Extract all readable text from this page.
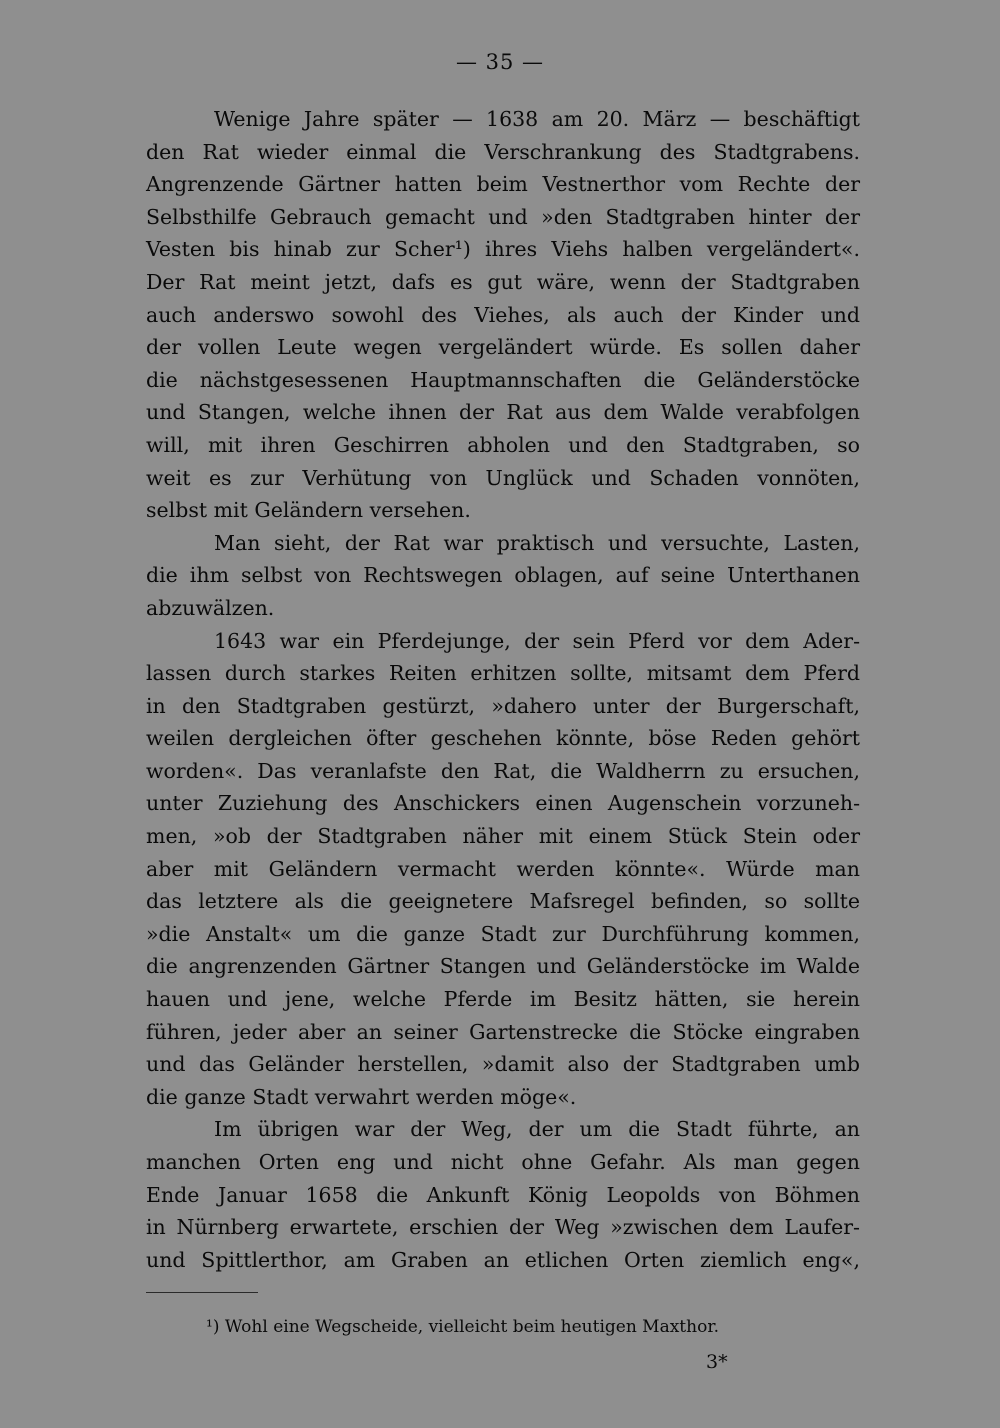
— 35 —
Wenige Jahre später — 1638 am 20. März — beschäftigt
den Rat wieder einmal die Verschrankung des Stadtgrabens.
Angrenzende Gärtner hatten beim Vestnerthor vom Rechte der
Selbsthilfe Gebrauch gemacht und »den Stadtgraben hinter der
Vesten bis hinab zur Scher¹) ihres Viehs halben vergeländert«.
Der Rat meint jetzt, dafs es gut wäre, wenn der Stadtgraben
auch anderswo sowohl des Viehes, als auch der Kinder und
der vollen Leute wegen vergeländert würde. Es sollen daher
die nächstgesessenen Hauptmannschaften die Geländerstöcke
und Stangen, welche ihnen der Rat aus dem Walde verabfolgen
will, mit ihren Geschirren abholen und den Stadtgraben, so
weit es zur Verhütung von Unglück und Schaden vonnöten,
selbst mit Geländern versehen.
Man sieht, der Rat war praktisch und versuchte, Lasten,
die ihm selbst von Rechtswegen oblagen, auf seine Unterthanen
abzuwälzen.
1643 war ein Pferdejunge, der sein Pferd vor dem Ader-
lassen durch starkes Reiten erhitzen sollte, mitsamt dem Pferd
in den Stadtgraben gestürzt, »dahero unter der Burgerschaft,
weilen dergleichen öfter geschehen könnte, böse Reden gehört
worden«. Das veranlafste den Rat, die Waldherrn zu ersuchen,
unter Zuziehung des Anschickers einen Augenschein vorzuneh-
men, »ob der Stadtgraben näher mit einem Stück Stein oder
aber mit Geländern vermacht werden könnte«. Würde man
das letztere als die geeignetere Mafsregel befinden, so sollte
»die Anstalt« um die ganze Stadt zur Durchführung kommen,
die angrenzenden Gärtner Stangen und Geländerstöcke im Walde
hauen und jene, welche Pferde im Besitz hätten, sie herein
führen, jeder aber an seiner Gartenstrecke die Stöcke eingraben
und das Geländer herstellen, »damit also der Stadtgraben umb
die ganze Stadt verwahrt werden möge«.
Im übrigen war der Weg, der um die Stadt führte, an
manchen Orten eng und nicht ohne Gefahr. Als man gegen
Ende Januar 1658 die Ankunft König Leopolds von Böhmen
in Nürnberg erwartete, erschien der Weg »zwischen dem Laufer-
und Spittlerthor, am Graben an etlichen Orten ziemlich eng«,
¹) Wohl eine Wegscheide, vielleicht beim heutigen Maxthor.
3*
